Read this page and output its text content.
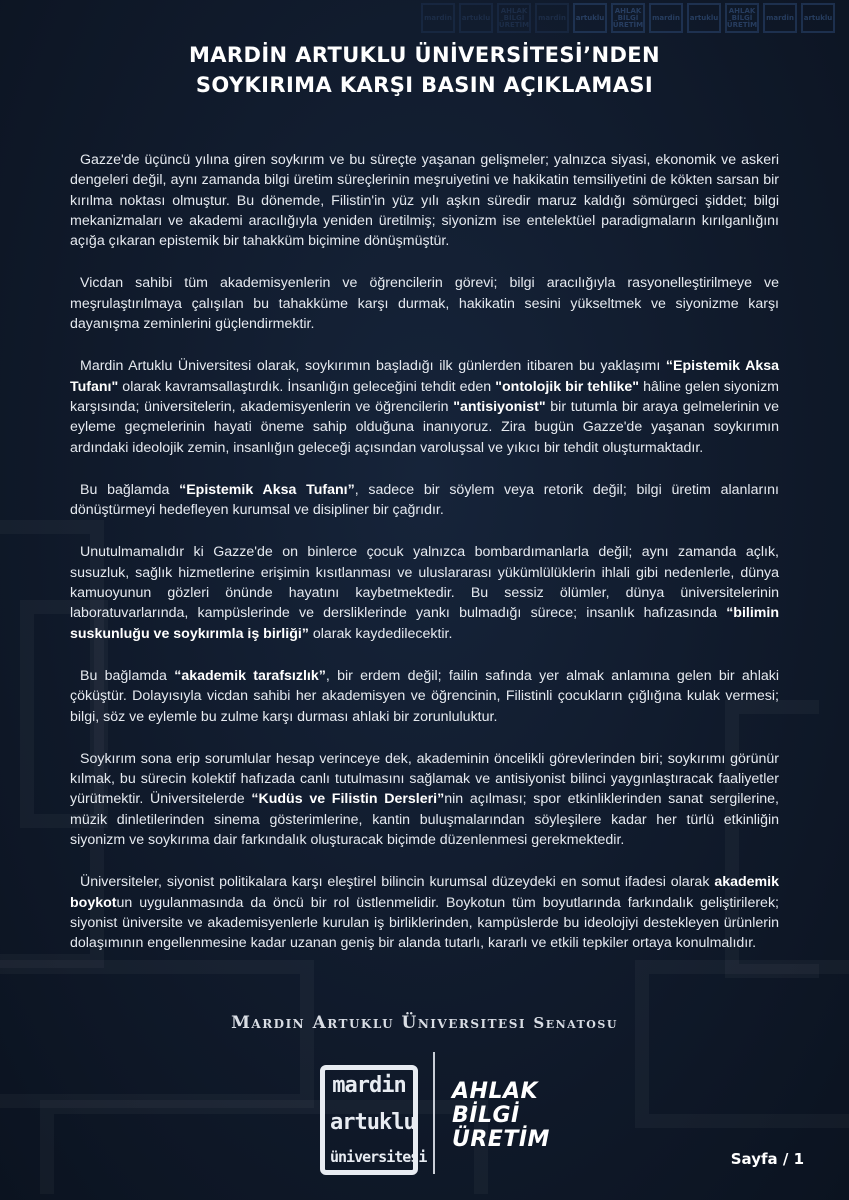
mardin	artuklu
AHLAK BİLGİ ÜRETİM
mardin	artuklu
AHLAK BİLGİ ÜRETİM
mardin	artuklu
AHLAK BİLGİ ÜRETİM
mardin	artuklu
MARDİN ARTUKLU ÜNİVERSİTESİ’NDEN
SOYKIRIMA KARŞI BASIN AÇIKLAMASI

Gazze'de üçüncü yılına giren soykırım ve bu süreçte yaşanan gelişmeler; yalnızca siyasi, ekonomik ve askeri dengeleri değil, aynı zamanda bilgi üretim süreçlerinin meşruiyetini ve hakikatin temsiliyetini de kökten sarsan bir kırılma noktası olmuştur. Bu dönemde, Filistin'in yüz yılı aşkın süredir maruz kaldığı sömürgeci şiddet; bilgi mekanizmaları ve akademi aracılığıyla yeniden üretilmiş; siyonizm ise entelektüel paradigmaların kırılganlığını açığa çıkaran epistemik bir tahakküm biçimine dönüşmüştür.

Vicdan sahibi tüm akademisyenlerin ve öğrencilerin görevi; bilgi aracılığıyla rasyonelleştirilmeye ve meşrulaştırılmaya çalışılan bu tahakküme karşı durmak, hakikatin sesini yükseltmek ve siyonizme karşı dayanışma zeminlerini güçlendirmektir.

Mardin Artuklu Üniversitesi olarak, soykırımın başladığı ilk günlerden itibaren bu yaklaşımı “Epistemik Aksa Tufanı" olarak kavramsallaştırdık. İnsanlığın geleceğini tehdit eden "ontolojik bir tehlike" hâline gelen siyonizm karşısında; üniversitelerin, akademisyenlerin ve öğrencilerin "antisiyonist" bir tutumla bir araya gelmelerinin ve eyleme geçmelerinin hayati öneme sahip olduğuna inanıyoruz. Zira bugün Gazze'de yaşanan soykırımın ardındaki ideolojik zemin, insanlığın geleceği açısından varoluşsal ve yıkıcı bir tehdit oluşturmaktadır.

Bu bağlamda “Epistemik Aksa Tufanı”, sadece bir söylem veya retorik değil; bilgi üretim alanlarını dönüştürmeyi hedefleyen kurumsal ve disipliner bir çağrıdır.

Unutulmamalıdır ki Gazze'de on binlerce çocuk yalnızca bombardımanlarla değil; aynı zamanda açlık, susuzluk, sağlık hizmetlerine erişimin kısıtlanması ve uluslararası yükümlülüklerin ihlali gibi nedenlerle, dünya kamuoyunun gözleri önünde hayatını kaybetmektedir. Bu sessiz ölümler, dünya üniversitelerinin laboratuvarlarında, kampüslerinde ve dersliklerinde yankı bulmadığı sürece; insanlık hafızasında “bilimin suskunluğu ve soykırımla iş birliği” olarak kaydedilecektir.

Bu bağlamda “akademik tarafsızlık”, bir erdem değil; failin safında yer almak anlamına gelen bir ahlaki çöküştür. Dolayısıyla vicdan sahibi her akademisyen ve öğrencinin, Filistinli çocukların çığlığına kulak vermesi; bilgi, söz ve eylemle bu zulme karşı durması ahlaki bir zorunluluktur.

Soykırım sona erip sorumlular hesap verinceye dek, akademinin öncelikli görevlerinden biri; soykırımı görünür kılmak, bu sürecin kolektif hafızada canlı tutulmasını sağlamak ve antisiyonist bilinci yaygınlaştıracak faaliyetler yürütmektir. Üniversitelerde “Kudüs ve Filistin Dersleri”nin açılması; spor etkinliklerinden sanat sergilerine, müzik dinletilerinden sinema gösterimlerine, kantin buluşmalarından söyleşilere kadar her türlü etkinliğin siyonizm ve soykırıma dair farkındalık oluşturacak biçimde düzenlenmesi gerekmektedir.

Üniversiteler, siyonist politikalara karşı eleştirel bilincin kurumsal düzeydeki en somut ifadesi olarak akademik boykotun uygulanmasında da öncü bir rol üstlenmelidir. Boykotun tüm boyutlarında farkındalık geliştirilerek; siyonist üniversite ve akademisyenlerle kurulan iş birliklerinden, kampüslerde bu ideolojiyi destekleyen ürünlerin dolaşımının engellenmesine kadar uzanan geniş bir alanda tutarlı, kararlı ve etkili tepkiler ortaya konulmalıdır.

Mardin Artuklu Üniversitesi Senatosu
mardin
artuklu
üniversitesi
AHLAK
BİLGİ
ÜRETİM
Sayfa / 1
